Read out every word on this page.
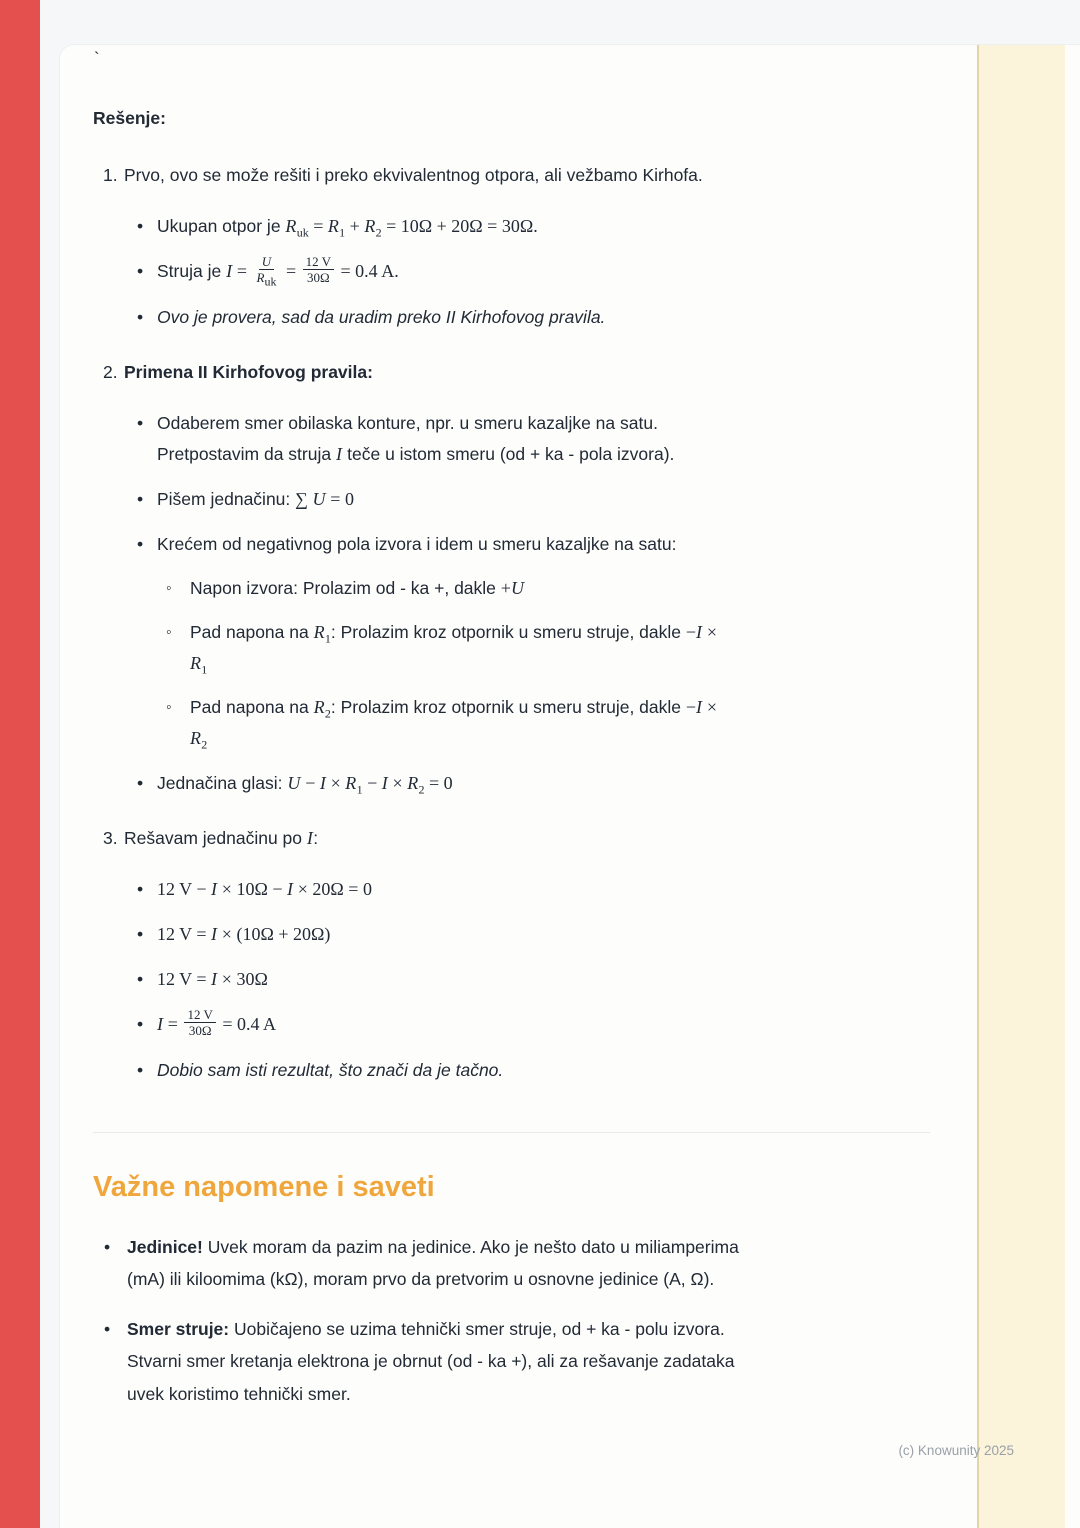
`
Rešenje:
1. Prvo, ovo se može rešiti i preko ekvivalentnog otpora, ali vežbamo Kirhofa.

• Ukupan otpor je $R_{uk} = R_1 + R_2 = 10\Omega + 20\Omega = 30\Omega$.
• Struja je $I = \frac{U}{R_{uk}} = \frac{12 V}{30\Omega} = 0.4$ A.
• Ovo je provera, sad da uradim preko II Kirhofovog pravila.
2. Primena II Kirhofovog pravila:

• Odaberem smer obilaska konture, npr. u smeru kazaljke na satu.
Pretpostavim da struja I teče u istom smeru (od + ka - pola izvora).
• Pišem jednačinu: ∑ U = 0
• Krećem od negativnog pola izvora i idem u smeru kazaljke na satu:
◦ Napon izvora: Prolazim od - ka +, dakle +U
◦ Pad napona na $R_1$: Prolazim kroz otpornik u smeru struje, dakle −I ×
$R_1$
◦ Pad napona na $R_2$: Prolazim kroz otpornik u smeru struje, dakle −I ×
$R_2$
• Jednačina glasi: $U - I \times R_1 - I \times R_2 = 0$
3. Rešavam jednačinu po I:

• 12 V − I × 10Ω − I × 20Ω = 0
• 12 V = I × (10Ω + 20Ω)
• 12 V = I × 30Ω
• $I = \frac{12 V}{30\Omega} = 0.4$ A
• Dobio sam isti rezultat, što znači da je tačno.
Važne napomene i saveti
• Jedinice! Uvek moram da pazim na jedinice. Ako je nešto dato u miliamperima (mA) ili kiloomima (kΩ), moram prvo da pretvorim u osnovne jedinice (A, Ω).
• Smer struje: Uobičajeno se uzima tehnički smer struje, od + ka - polu izvora. Stvarni smer kretanja elektrona je obrnut (od - ka +), ali za rešavanje zadataka uvek koristimo tehnički smer.
(c) Knowunity 2025
